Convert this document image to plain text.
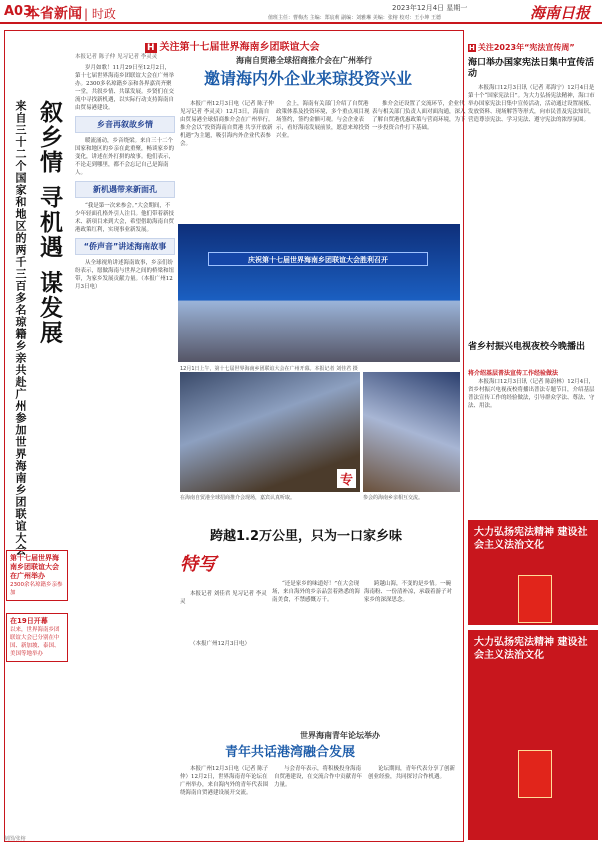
A03
本省新闻 | 时政	2023年12月4日 星期一
值班主任：曹梅杰 主编：郑宸莉 副编：刘雅琳 美编：张榕 校对：王小坤 王德	海南日报
H 关注第十七届世界海南乡团联谊大会
来自三十二个国家和地区的两千三百多名琼籍乡亲共赴广州参加世界海南乡团联谊大会 叙乡情 寻机遇 谋发展
第十七届世界海南乡团联谊大会在广州举办
2300余名琼籍乡亲参加
在19日开幕
以来，世界海南乡团联谊大会已分别在中国、新加坡、泰国、美国等地举办
本报记者 陈子仲 见习记者 李灵灵
岁月如歌！11月29日至12月2日，第十七届世界海南乡团联谊大会在广州举办。2300多名琼籍乡亲和各界嘉宾齐聚一堂，共叙乡情、共谋发展。乡贤们在交流中寻找新机遇，以实际行动支持海南自由贸易港建设。
乡音再叙故乡情
暖流涌动，乡音绕梁。来自三十二个国家和地区的乡亲在此重聚，畅谈家乡的变化，讲述在外打拼的故事。他们表示，不论走到哪里，都不会忘记自己是海南人。
新机遇带来新面孔
“我是第一次来参会。”大会期间，不少年轻面孔格外引人注目。他们带着新技术、新项目来到大会，希望借助海南自贸港政策红利，实现事业新发展。
“侨声音”讲述海南故事
从全球视角讲述海南故事，乡亲们纷纷表示，愿做海南与世界之间的桥梁和纽带，为家乡发展贡献力量。（本报广州12月3日电）
海南自贸港全球招商推介会在广州举行
邀请海内外企业来琼投资兴业
本报广州12月3日电（记者 陈子仲 见习记者 李灵灵）12月3日，海南自由贸易港全球招商推介会在广州举行。推介会以“投资海南自贸港 共享开放新机遇”为主题，吸引海内外企业代表参会。
会上，海南有关部门介绍了自贸港政策体系及投资环境，多个重点项目现场签约，签约金额可观。与会企业表示，看好海南发展前景，愿意来琼投资兴业。
推介会还设置了交流环节，企业代表与相关部门负责人面对面沟通，深入了解自贸港优惠政策与营商环境，为下一步投资合作打下基础。
庆祝第十七届世界海南乡团联谊大会胜利召开
12月1日上午，第十七届世界海南乡团联谊大会在广州开幕。本报记者 刘佳君 摄
专
在海南自贸港全球招商推介会现场，嘉宾认真听取。	参会的海南乡亲相互交流。
跨越1.2万公里，只为一口家乡味
特写
本报记者 刘佳君 见习记者 李灵灵
“还是家乡的味道好！”在大会现场，来自海外的乡亲品尝着熟悉的海南美食，不禁感慨万千。
跨越山海，不变的是乡情。一碗海南粉、一份清补凉，承载着游子对家乡的深深思念。
（本报广州12月3日电）
世界海南青年论坛举办
青年共话港湾融合发展
本报广州12月3日电（记者 陈子仲）12月2日，世界海南青年论坛在广州举办，来自海内外的青年代表围绕海南自贸港建设展开交流。
与会青年表示，将积极投身海南自贸港建设，在交流合作中贡献青年力量。
论坛期间，青年代表分享了创新创业经验，共同探讨合作机遇。
H 关注2023年“宪法宣传周”
海口举办国家宪法日集中宣传活动
本报海口12月3日讯（记者 邓海宁）12月4日是第十个“国家宪法日”。为大力弘扬宪法精神，海口市举办国家宪法日集中宣传活动，活动通过设置展板、发放资料、现场解答等形式，向市民普及宪法知识，营造尊崇宪法、学习宪法、遵守宪法的浓厚氛围。
省乡村振兴电视夜校今晚播出
将介绍基层普法宣传工作经验做法
本报海口12月3日讯（记者 陈蔚林）12月4日，省乡村振兴电视夜校将播出普法专题节目，介绍基层普法宣传工作的经验做法，引导群众学法、尊法、守法、用法。
大力弘扬宪法精神 建设社会主义法治文化
大力弘扬宪法精神 建设社会主义法治文化
制图/张榕
